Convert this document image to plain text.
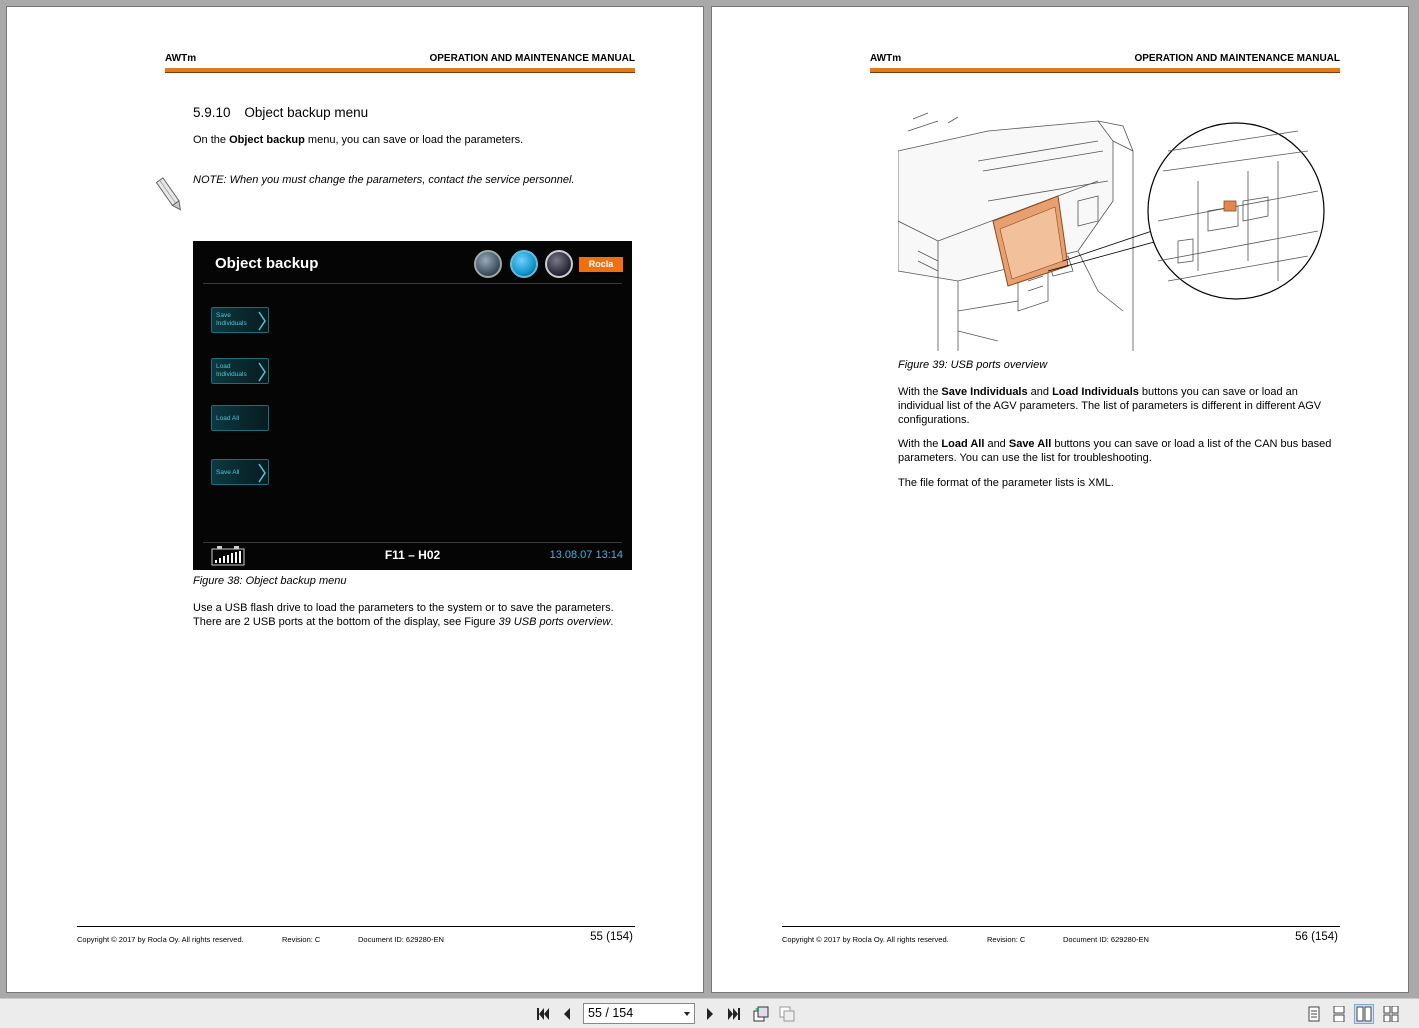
AWTm	OPERATION AND MAINTENANCE MANUAL
5.9.10 Object backup menu
On the Object backup menu, you can save or load the parameters.
NOTE: When you must change the parameters, contact the service personnel.
Object backup	Rocla
Save
Individuals
Load
Individuals
Load All
Save All
F11 – H02	13.08.07 13:14
Figure 38: Object backup menu
Use a USB flash drive to load the parameters to the system or to save the parameters.
There are 2 USB ports at the bottom of the display, see Figure 39 USB ports overview.
Copyright © 2017 by Rocla Oy. All rights reserved.	Revision: C	Document ID: 629280-EN	55 (154)
AWTm	OPERATION AND MAINTENANCE MANUAL
Figure 39: USB ports overview
With the Save Individuals and Load Individuals buttons you can save or load an individual list of the AGV parameters. The list of parameters is different in different AGV configurations.
With the Load All and Save All buttons you can save or load a list of the CAN bus based parameters. You can use the list for troubleshooting.
The file format of the parameter lists is XML.
Copyright © 2017 by Rocla Oy. All rights reserved.	Revision: C	Document ID: 629280-EN	56 (154)
55 / 154
